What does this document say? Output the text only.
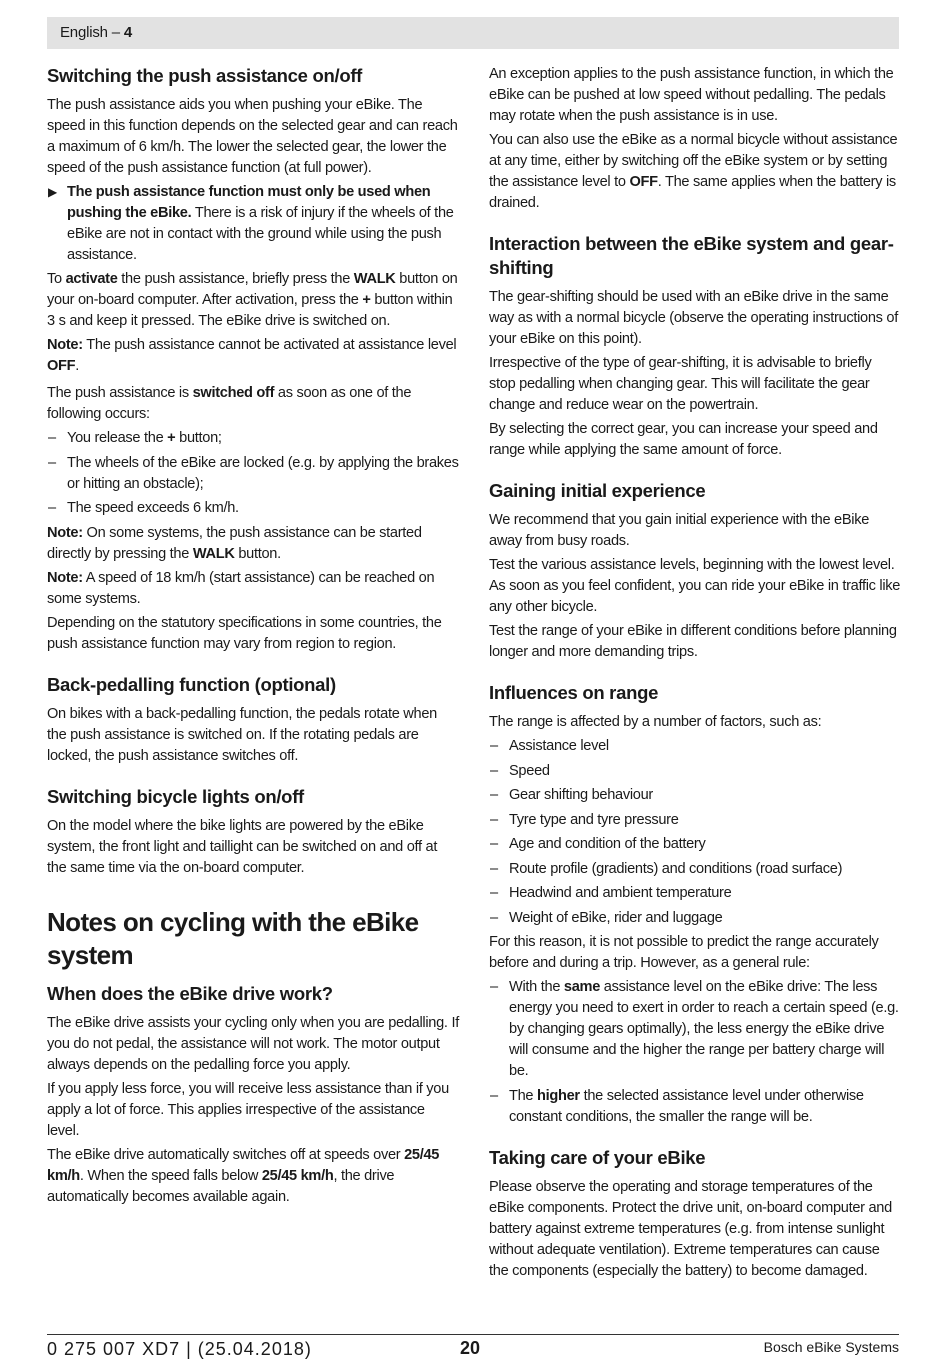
English – 4
Switching the push assistance on/off

The push assistance aids you when pushing your eBike. The speed in this function depends on the selected gear and can reach a maximum of 6 km/h. The lower the selected gear, the lower the speed of the push assistance function (at full power).

▶ The push assistance function must only be used when pushing the eBike. There is a risk of injury if the wheels of the eBike are not in contact with the ground while using the push assistance.

To activate the push assistance, briefly press the WALK button on your on-board computer. After activation, press the + button within 3 s and keep it pressed. The eBike drive is switched on.

Note: The push assistance cannot be activated at assistance level OFF.

The push assistance is switched off as soon as one of the following occurs:

– You release the + button;
– The wheels of the eBike are locked (e.g. by applying the brakes or hitting an obstacle);
– The speed exceeds 6 km/h.

Note: On some systems, the push assistance can be started directly by pressing the WALK button.

Note: A speed of 18 km/h (start assistance) can be reached on some systems.

Depending on the statutory specifications in some countries, the push assistance function may vary from region to region.

Back-pedalling function (optional)

On bikes with a back-pedalling function, the pedals rotate when the push assistance is switched on. If the rotating pedals are locked, the push assistance switches off.

Switching bicycle lights on/off

On the model where the bike lights are powered by the eBike system, the front light and taillight can be switched on and off at the same time via the on-board computer.

Notes on cycling with the eBike system
When does the eBike drive work?

The eBike drive assists your cycling only when you are pedalling. If you do not pedal, the assistance will not work. The motor output always depends on the pedalling force you apply.

If you apply less force, you will receive less assistance than if you apply a lot of force. This applies irrespective of the assistance level.

The eBike drive automatically switches off at speeds over 25/45 km/h. When the speed falls below 25/45 km/h, the drive automatically becomes available again.

An exception applies to the push assistance function, in which the eBike can be pushed at low speed without pedalling. The pedals may rotate when the push assistance is in use.

You can also use the eBike as a normal bicycle without assistance at any time, either by switching off the eBike system or by setting the assistance level to OFF. The same applies when the battery is drained.

Interaction between the eBike system and gear-shifting

The gear-shifting should be used with an eBike drive in the same way as with a normal bicycle (observe the operating instructions of your eBike on this point).

Irrespective of the type of gear-shifting, it is advisable to briefly stop pedalling when changing gear. This will facilitate the gear change and reduce wear on the powertrain.

By selecting the correct gear, you can increase your speed and range while applying the same amount of force.

Gaining initial experience

We recommend that you gain initial experience with the eBike away from busy roads.

Test the various assistance levels, beginning with the lowest level. As soon as you feel confident, you can ride your eBike in traffic like any other bicycle.

Test the range of your eBike in different conditions before planning longer and more demanding trips.

Influences on range

The range is affected by a number of factors, such as:

– Assistance level
– Speed
– Gear shifting behaviour
– Tyre type and tyre pressure
– Age and condition of the battery
– Route profile (gradients) and conditions (road surface)
– Headwind and ambient temperature
– Weight of eBike, rider and luggage

For this reason, it is not possible to predict the range accurately before and during a trip. However, as a general rule:

– With the same assistance level on the eBike drive: The less energy you need to exert in order to reach a certain speed (e.g. by changing gears optimally), the less energy the eBike drive will consume and the higher the range per battery charge will be.
– The higher the selected assistance level under otherwise constant conditions, the smaller the range will be.
Taking care of your eBike

Please observe the operating and storage temperatures of the eBike components. Protect the drive unit, on-board computer and battery against extreme temperatures (e.g. from intense sunlight without adequate ventilation). Extreme temperatures can cause the components (especially the battery) to become damaged.

0 275 007 XD7 | (25.04.2018)	20	Bosch eBike Systems
